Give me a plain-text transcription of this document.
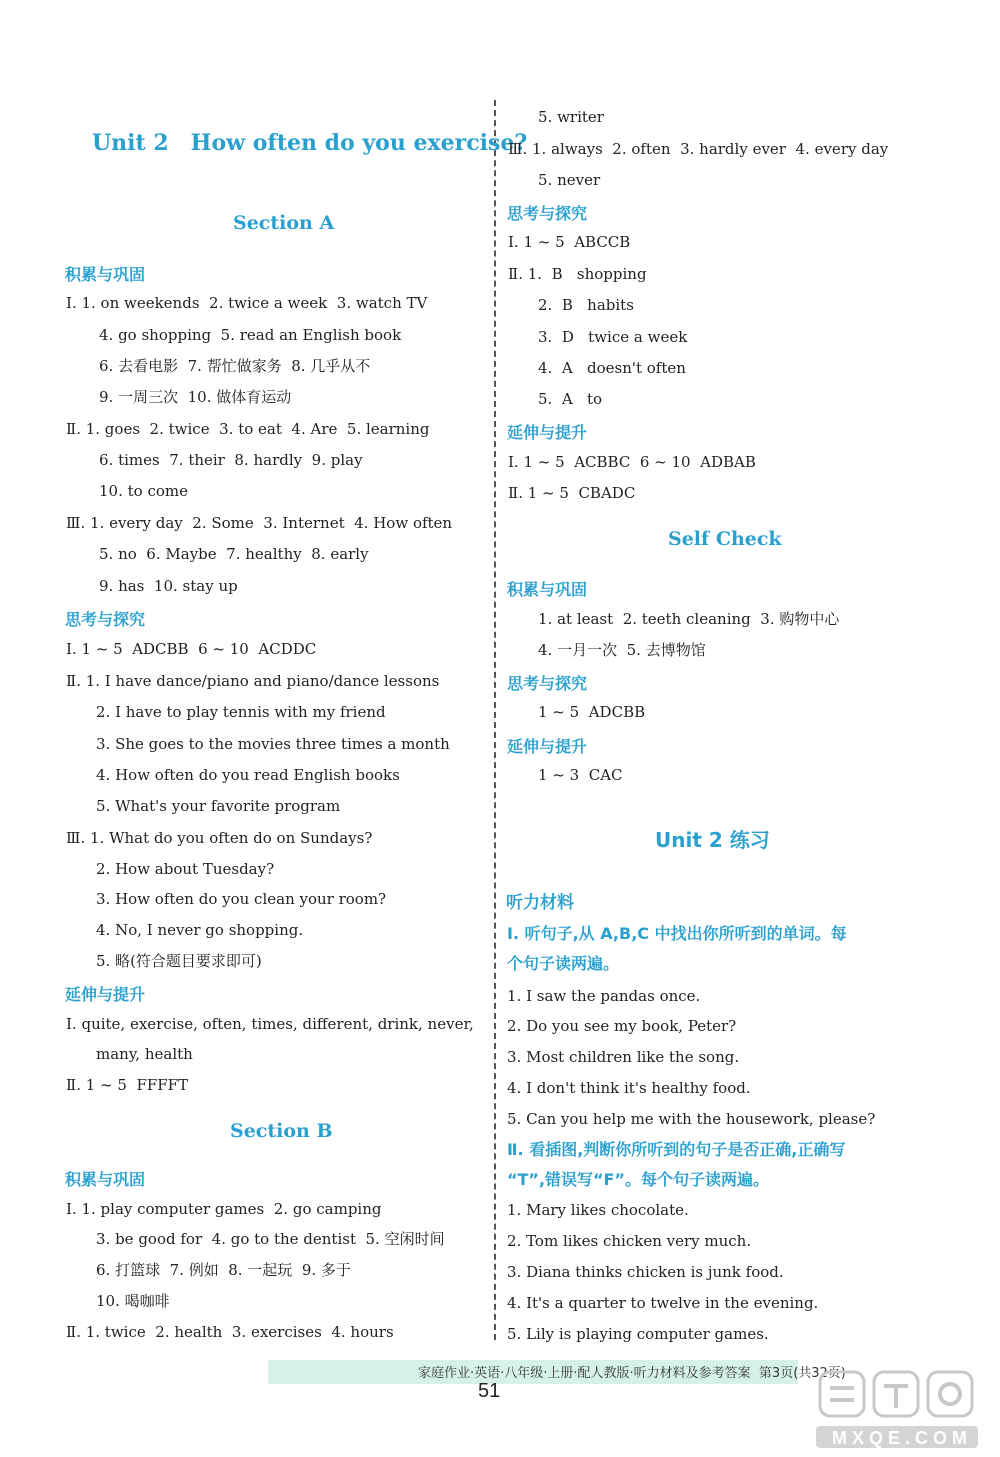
Unit 2 How often do you exercise?
Section A
积累与巩固
Ⅰ. 1. on weekends  2. twice a week  3. watch TV
4. go shopping  5. read an English book
6. 去看电影  7. 帮忙做家务  8. 几乎从不
9. 一周三次  10. 做体育运动
Ⅱ. 1. goes  2. twice  3. to eat  4. Are  5. learning
6. times  7. their  8. hardly  9. play
10. to come
Ⅲ. 1. every day  2. Some  3. Internet  4. How often
5. no  6. Maybe  7. healthy  8. early
9. has  10. stay up
思考与探究
Ⅰ. 1 ~ 5  ADCBB  6 ~ 10  ACDDC
Ⅱ. 1. I have dance/piano and piano/dance lessons
2. I have to play tennis with my friend
3. She goes to the movies three times a month
4. How often do you read English books
5. What's your favorite program
Ⅲ. 1. What do you often do on Sundays?
2. How about Tuesday?
3. How often do you clean your room?
4. No, I never go shopping.
5. 略(符合题目要求即可)
延伸与提升
Ⅰ. quite, exercise, often, times, different, drink, never,
many, health
Ⅱ. 1 ~ 5  FFFFT
Section B
积累与巩固
Ⅰ. 1. play computer games  2. go camping
3. be good for  4. go to the dentist  5. 空闲时间
6. 打篮球  7. 例如  8. 一起玩  9. 多于
10. 喝咖啡
Ⅱ. 1. twice  2. health  3. exercises  4. hours
5. writer
Ⅲ. 1. always  2. often  3. hardly ever  4. every day
5. never
思考与探究
Ⅰ. 1 ~ 5  ABCCB
Ⅱ. 1.  B   shopping
2.  B   habits
3.  D   twice a week
4.  A   doesn't often
5.  A   to
延伸与提升
Ⅰ. 1 ~ 5  ACBBC  6 ~ 10  ADBAB
Ⅱ. 1 ~ 5  CBADC
Self Check
积累与巩固
1. at least  2. teeth cleaning  3. 购物中心
4. 一月一次  5. 去博物馆
思考与探究
1 ~ 5  ADCBB
延伸与提升
1 ~ 3  CAC
Unit 2 练习
听力材料
Ⅰ. 听句子,从 A,B,C 中找出你所听到的单词。每
个句子读两遍。
1. I saw the pandas once.
2. Do you see my book, Peter?
3. Most children like the song.
4. I don't think it's healthy food.
5. Can you help me with the housework, please?
Ⅱ. 看插图,判断你所听到的句子是否正确,正确写
“T”,错误写“F”。每个句子读两遍。
1. Mary likes chocolate.
2. Tom likes chicken very much.
3. Diana thinks chicken is junk food.
4. It's a quarter to twelve in the evening.
5. Lily is playing computer games.
家庭作业·英语·八年级·上册·配人教版·听力材料及参考答案  第3页(共32页)
51
M X Q E . C O M
